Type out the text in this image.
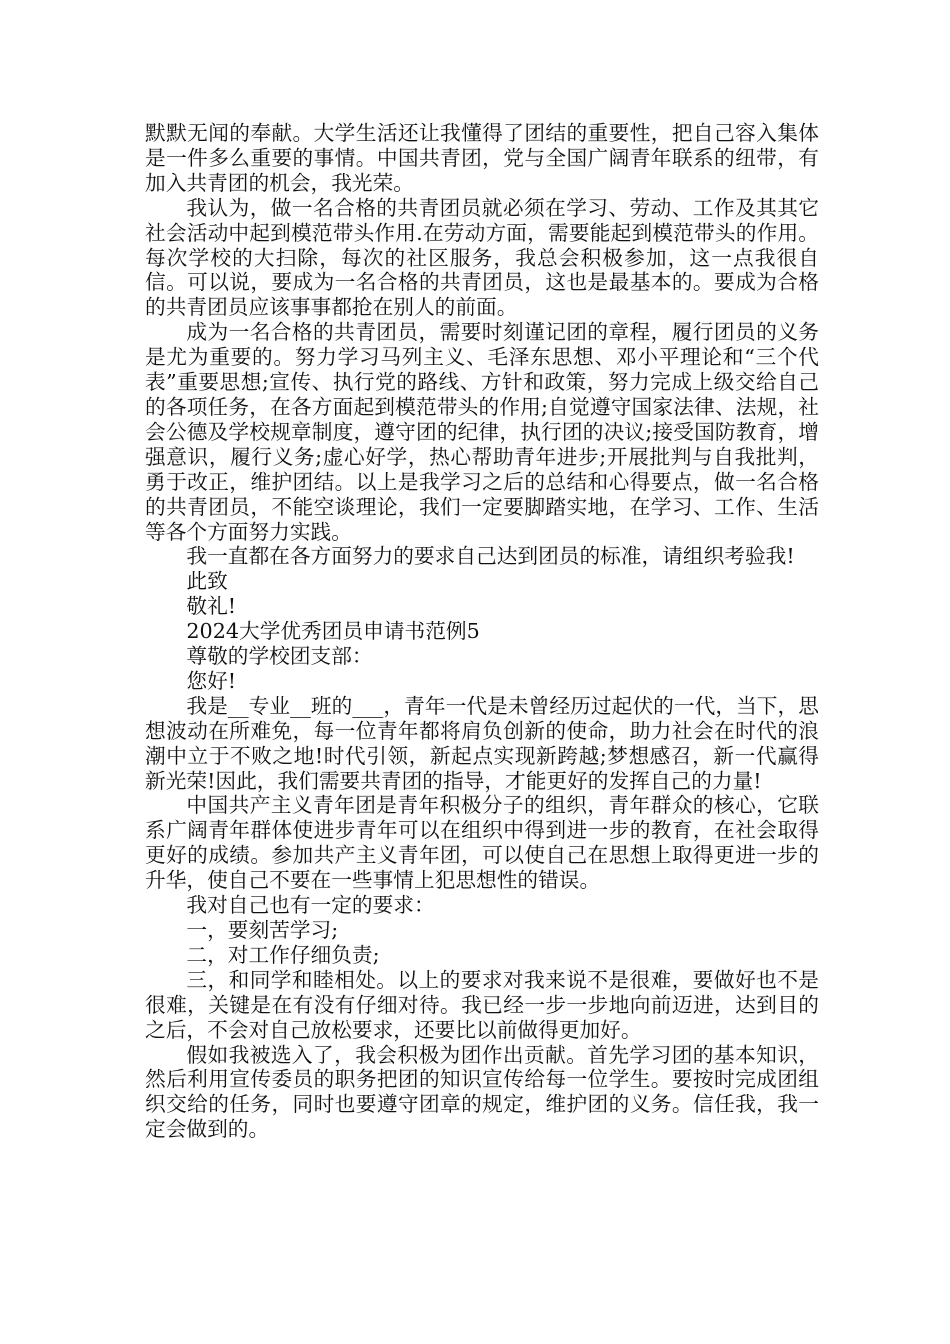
默默无闻的奉献。大学生活还让我懂得了团结的重要性，把自己容入集体是一件多么重要的事情。中国共青团，党与全国广阔青年联系的纽带，有加入共青团的机会，我光荣。

我认为，做一名合格的共青团员就必须在学习、劳动、工作及其其它社会活动中起到模范带头作用.在劳动方面，需要能起到模范带头的作用。每次学校的大扫除，每次的社区服务，我总会积极参加，这一点我很自信。可以说，要成为一名合格的共青团员，这也是最基本的。要成为合格的共青团员应该事事都抢在别人的前面。

成为一名合格的共青团员，需要时刻谨记团的章程，履行团员的义务是尤为重要的。努力学习马列主义、毛泽东思想、邓小平理论和“三个代表”重要思想;宣传、执行党的路线、方针和政策，努力完成上级交给自己的各项任务，在各方面起到模范带头的作用;自觉遵守国家法律、法规，社会公德及学校规章制度，遵守团的纪律，执行团的决议;接受国防教育，增强意识，履行义务;虚心好学，热心帮助青年进步;开展批判与自我批判，勇于改正，维护团结。以上是我学习之后的总结和心得要点，做一名合格的共青团员，不能空谈理论，我们一定要脚踏实地，在学习、工作、生活等各个方面努力实践。

我一直都在各方面努力的要求自己达到团员的标准，请组织考验我!

此致

敬礼!

2024大学优秀团员申请书范例5

尊敬的学校团支部：

您好!

我是__专业__班的___，青年一代是未曾经历过起伏的一代，当下，思想波动在所难免，每一位青年都将肩负创新的使命，助力社会在时代的浪潮中立于不败之地!时代引领，新起点实现新跨越;梦想感召，新一代赢得新光荣!因此，我们需要共青团的指导，才能更好的发挥自己的力量!

中国共产主义青年团是青年积极分子的组织，青年群众的核心，它联系广阔青年群体使进步青年可以在组织中得到进一步的教育，在社会取得更好的成绩。参加共产主义青年团，可以使自己在思想上取得更进一步的升华，使自己不要在一些事情上犯思想性的错误。

我对自己也有一定的要求：

一，要刻苦学习;

二，对工作仔细负责;

三，和同学和睦相处。以上的要求对我来说不是很难，要做好也不是很难，关键是在有没有仔细对待。我已经一步一步地向前迈进，达到目的之后，不会对自己放松要求，还要比以前做得更加好。

假如我被选入了，我会积极为团作出贡献。首先学习团的基本知识，然后利用宣传委员的职务把团的知识宣传给每一位学生。要按时完成团组织交给的任务，同时也要遵守团章的规定，维护团的义务。信任我，我一定会做到的。
